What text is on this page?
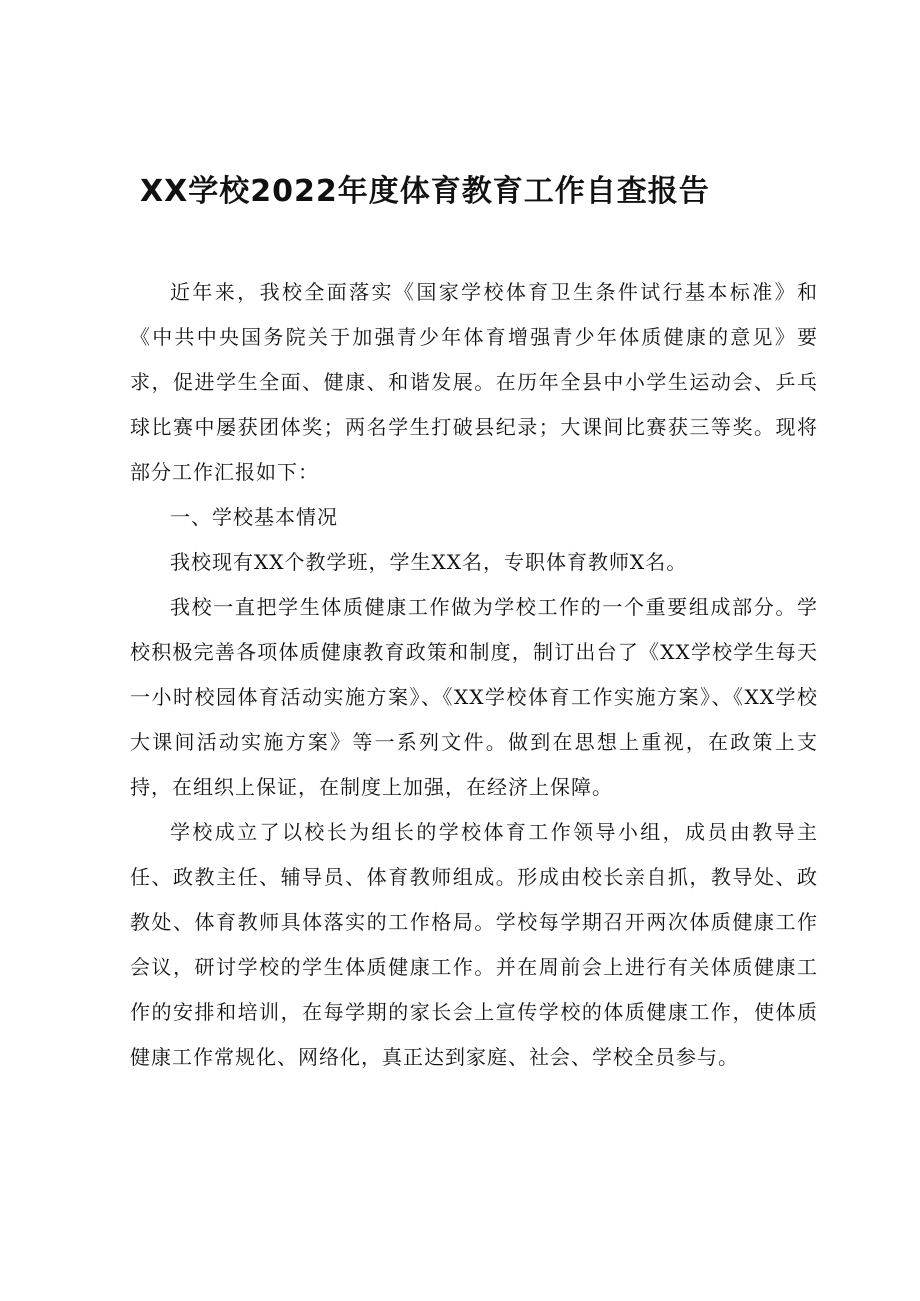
XX学校2022年度体育教育工作自查报告

近年来，我校全面落实《国家学校体育卫生条件试行基本标准》和《中共中央国务院关于加强青少年体育增强青少年体质健康的意见》要求，促进学生全面、健康、和谐发展。在历年全县中小学生运动会、乒乓球比赛中屡获团体奖；两名学生打破县纪录；大课间比赛获三等奖。现将部分工作汇报如下：

一、学校基本情况

我校现有XX个教学班，学生XX名，专职体育教师X名。

我校一直把学生体质健康工作做为学校工作的一个重要组成部分。学校积极完善各项体质健康教育政策和制度，制订出台了《XX学校学生每天一小时校园体育活动实施方案》、《XX学校体育工作实施方案》、《XX学校大课间活动实施方案》等一系列文件。做到在思想上重视，在政策上支持，在组织上保证，在制度上加强，在经济上保障。

学校成立了以校长为组长的学校体育工作领导小组，成员由教导主任、政教主任、辅导员、体育教师组成。形成由校长亲自抓，教导处、政教处、体育教师具体落实的工作格局。学校每学期召开两次体质健康工作会议，研讨学校的学生体质健康工作。并在周前会上进行有关体质健康工作的安排和培训，在每学期的家长会上宣传学校的体质健康工作，使体质健康工作常规化、网络化，真正达到家庭、社会、学校全员参与。
